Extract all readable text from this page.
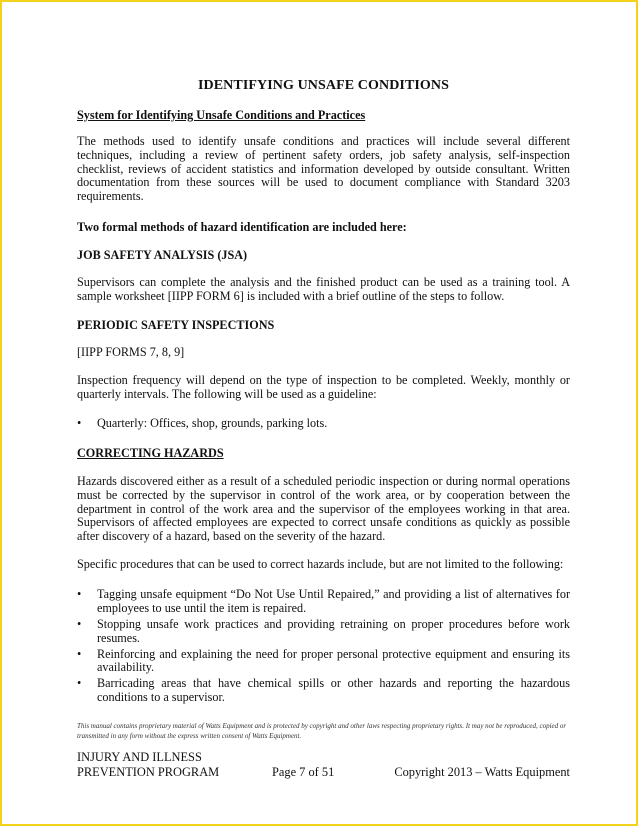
IDENTIFYING UNSAFE CONDITIONS
System for Identifying Unsafe Conditions and Practices

The methods used to identify unsafe conditions and practices will include several different techniques, including a review of pertinent safety orders, job safety analysis, self-inspection checklist, reviews of accident statistics and information developed by outside consultant. Written documentation from these sources will be used to document compliance with Standard 3203 requirements.

Two formal methods of hazard identification are included here:
JOB SAFETY ANALYSIS (JSA)

Supervisors can complete the analysis and the finished product can be used as a training tool. A sample worksheet [IIPP FORM 6] is included with a brief outline of the steps to follow.

PERIODIC SAFETY INSPECTIONS

[IIPP FORMS 7, 8, 9]

Inspection frequency will depend on the type of inspection to be completed. Weekly, monthly or quarterly intervals. The following will be used as a guideline:

• Quarterly: Offices, shop, grounds, parking lots.
CORRECTING HAZARDS

Hazards discovered either as a result of a scheduled periodic inspection or during normal operations must be corrected by the supervisor in control of the work area, or by cooperation between the department in control of the work area and the supervisor of the employees working in that area. Supervisors of affected employees are expected to correct unsafe conditions as quickly as possible after discovery of a hazard, based on the severity of the hazard.

Specific procedures that can be used to correct hazards include, but are not limited to the following:

• Tagging unsafe equipment “Do Not Use Until Repaired,” and providing a list of alternatives for employees to use until the item is repaired.
• Stopping unsafe work practices and providing retraining on proper procedures before work resumes.
• Reinforcing and explaining the need for proper personal protective equipment and ensuring its availability.
• Barricading areas that have chemical spills or other hazards and reporting the hazardous conditions to a supervisor.
This manual contains proprietary material of Watts Equipment and is protected by copyright and other laws respecting proprietary rights. It may not be reproduced, copied or transmitted in any form without the express written consent of Watts Equipment.
INJURY AND ILLNESS
PREVENTION PROGRAM	Page 7 of 51	Copyright 2013 – Watts Equipment
